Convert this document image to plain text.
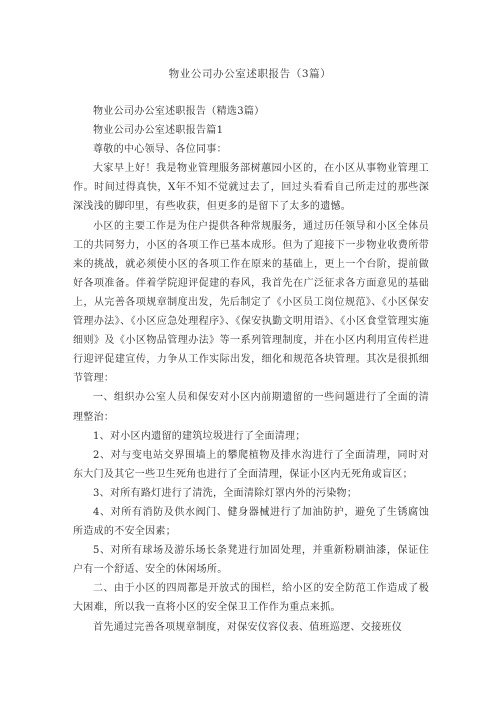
物业公司办公室述职报告（3篇）

物业公司办公室述职报告（精选3篇）

物业公司办公室述职报告篇1

尊敬的中心领导、各位同事：

大家早上好！我是物业管理服务部树蕙园小区的，在小区从事物业管理工作。时间过得真快，X年不知不觉就过去了，回过头看看自己所走过的那些深深浅浅的脚印里，有些收获，但更多的是留下了太多的遗憾。

小区的主要工作是为住户提供各种常规服务，通过历任领导和小区全体员工的共同努力，小区的各项工作已基本成形。但为了迎接下一步物业收费所带来的挑战，就必须使小区的各项工作在原来的基础上，更上一个台阶，提前做好各项准备。伴着学院迎评促建的春风，我首先在广泛征求各方面意见的基础上，从完善各项规章制度出发，先后制定了《小区员工岗位规范》、《小区保安管理办法》、《小区应急处理程序》、《保安执勤文明用语》、《小区食堂管理实施细则》及《小区物品管理办法》等一系列管理制度，并在小区内利用宣传栏进行迎评促建宣传，力争从工作实际出发，细化和规范各块管理。其次是很抓细节管理：

一、组织办公室人员和保安对小区内前期遗留的一些问题进行了全面的清理整治：

1、对小区内遗留的建筑垃圾进行了全面清理；

2、对与变电站交界围墙上的攀爬植物及排水沟进行了全面清理，同时对东大门及其它一些卫生死角也进行了全面清理，保证小区内无死角或盲区；

3、对所有路灯进行了清洗，全面清除灯罩内外的污染物；

4、对所有消防及供水阀门、健身器械进行了加油防护，避免了生锈腐蚀所造成的不安全因素；

5、对所有球场及游乐场长条凳进行加固处理，并重新粉刷油漆，保证住户有一个舒适、安全的休闲场所。

二、由于小区的四周都是开放式的围栏，给小区的安全防范工作造成了极大困难，所以我一直将小区的安全保卫工作作为重点来抓。

首先通过完善各项规章制度，对保安仪容仪表、值班巡逻、交接班仪
